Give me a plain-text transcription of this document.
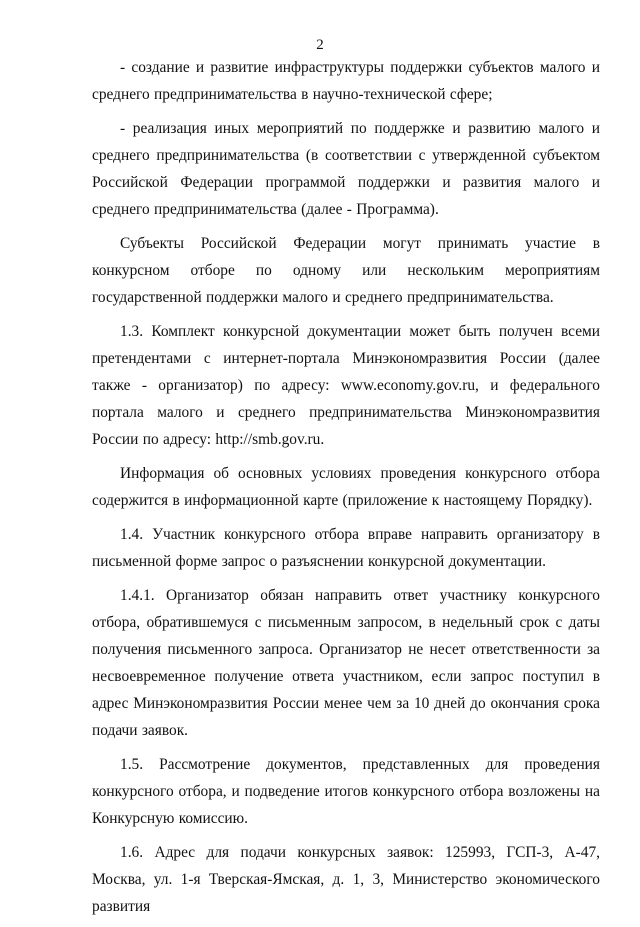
2

- создание и развитие инфраструктуры поддержки субъектов малого и среднего предпринимательства в научно-технической сфере;

- реализация иных мероприятий по поддержке и развитию малого и среднего предпринимательства (в соответствии с утвержденной субъектом Российской Федерации программой поддержки и развития малого и среднего предпринимательства (далее - Программа).

Субъекты Российской Федерации могут принимать участие в конкурсном отборе по одному или нескольким мероприятиям государственной поддержки малого и среднего предпринимательства.

1.3. Комплект конкурсной документации может быть получен всеми претендентами с интернет-портала Минэкономразвития России (далее также - организатор) по адресу: www.economy.gov.ru, и федерального портала малого и среднего предпринимательства Минэкономразвития России по адресу: http://smb.gov.ru.

Информация об основных условиях проведения конкурсного отбора содержится в информационной карте (приложение к настоящему Порядку).

1.4. Участник конкурсного отбора вправе направить организатору в письменной форме запрос о разъяснении конкурсной документации.

1.4.1. Организатор обязан направить ответ участнику конкурсного отбора, обратившемуся с письменным запросом, в недельный срок с даты получения письменного запроса. Организатор не несет ответственности за несвоевременное получение ответа участником, если запрос поступил в адрес Минэкономразвития России менее чем за 10 дней до окончания срока подачи заявок.

1.5. Рассмотрение документов, представленных для проведения конкурсного отбора, и подведение итогов конкурсного отбора возложены на Конкурсную комиссию.

1.6. Адрес для подачи конкурсных заявок: 125993, ГСП-3, А-47, Москва, ул. 1-я Тверская-Ямская, д. 1, 3, Министерство экономического развития
